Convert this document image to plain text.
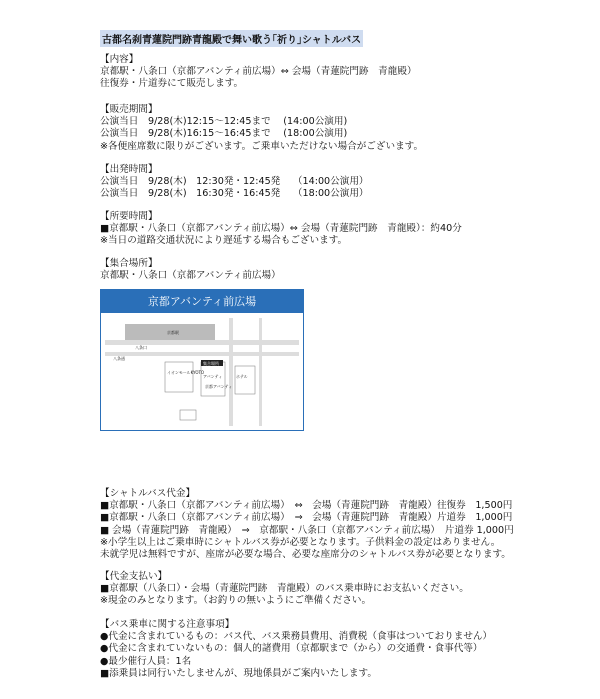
古都名刹青蓮院門跡青龍殿で舞い歌う｢祈り｣シャトルバス
【内容】
京都駅・八条口（京都アバンティ前広場）⇔ 会場（青蓮院門跡　青龍殿）
往復券・片道券にて販売します。
【販売期間】
公演当日　9/28(木)12:15～12:45まで　 (14:00公演用)
公演当日　9/28(木)16:15～16:45まで　 (18:00公演用)
※各便座席数に限りがございます。ご乗車いただけない場合がございます。
【出発時間】
公演当日　9/28(木)　12:30発・12:45発　 （14:00公演用）
公演当日　9/28(木)　16:30発・16:45発　 （18:00公演用）
【所要時間】
■京都駅・八条口（京都アバンティ前広場）⇔ 会場（青蓮院門跡　青龍殿）：約40分
※当日の道路交通状況により遅延する場合もございます。
【集合場所】
京都駅・八条口（京都アバンティ前広場）
京都アバンティ前広場
京都駅
八条口
八条通
アバンティ
京都アバンティ
集合場所
イオンモールKYOTO
ホテル
【シャトルバス代金】
■京都駅・八条口（京都アバンティ前広場）　⇔　会場（青蓮院門跡　青龍殿）往復券　1,500円
■京都駅・八条口（京都アバンティ前広場）　⇒　会場（青蓮院門跡　青龍殿）片道券　1,000円
■ 会場（青蓮院門跡　青龍殿）　⇒　京都駅・八条口（京都アバンティ前広場）　片道券 1,000円
※小学生以上はご乗車時にシャトルバス券が必要となります。子供料金の設定はありません。
未就学児は無料ですが、座席が必要な場合、必要な座席分のシャトルバス券が必要となります。
【代金支払い】
■京都駅（八条口）・会場（青蓮院門跡　青龍殿）のバス乗車時にお支払いください。
※現金のみとなります。（お釣りの無いようにご準備ください。
【バス乗車に関する注意事項】
●代金に含まれているもの：バス代、バス乗務員費用、消費税（食事はついておりません）
●代金に含まれていないもの：個人的諸費用（京都駅まで（から）の交通費・食事代等）
●最少催行人員：1名
■添乗員は同行いたしませんが、現地係員がご案内いたします。
